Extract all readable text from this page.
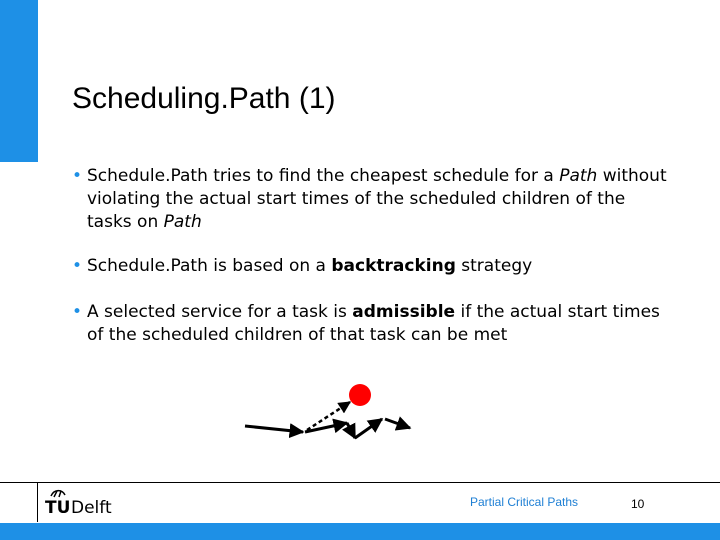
Scheduling.Path (1)
• Schedule.Path tries to find the cheapest schedule for a Path without violating the actual start times of the scheduled children of the tasks on Path
• Schedule.Path is based on a backtracking strategy
• A selected service for a task is admissible if the actual start times of the scheduled children of that task can be met
TU Delft	Partial Critical Paths	10
